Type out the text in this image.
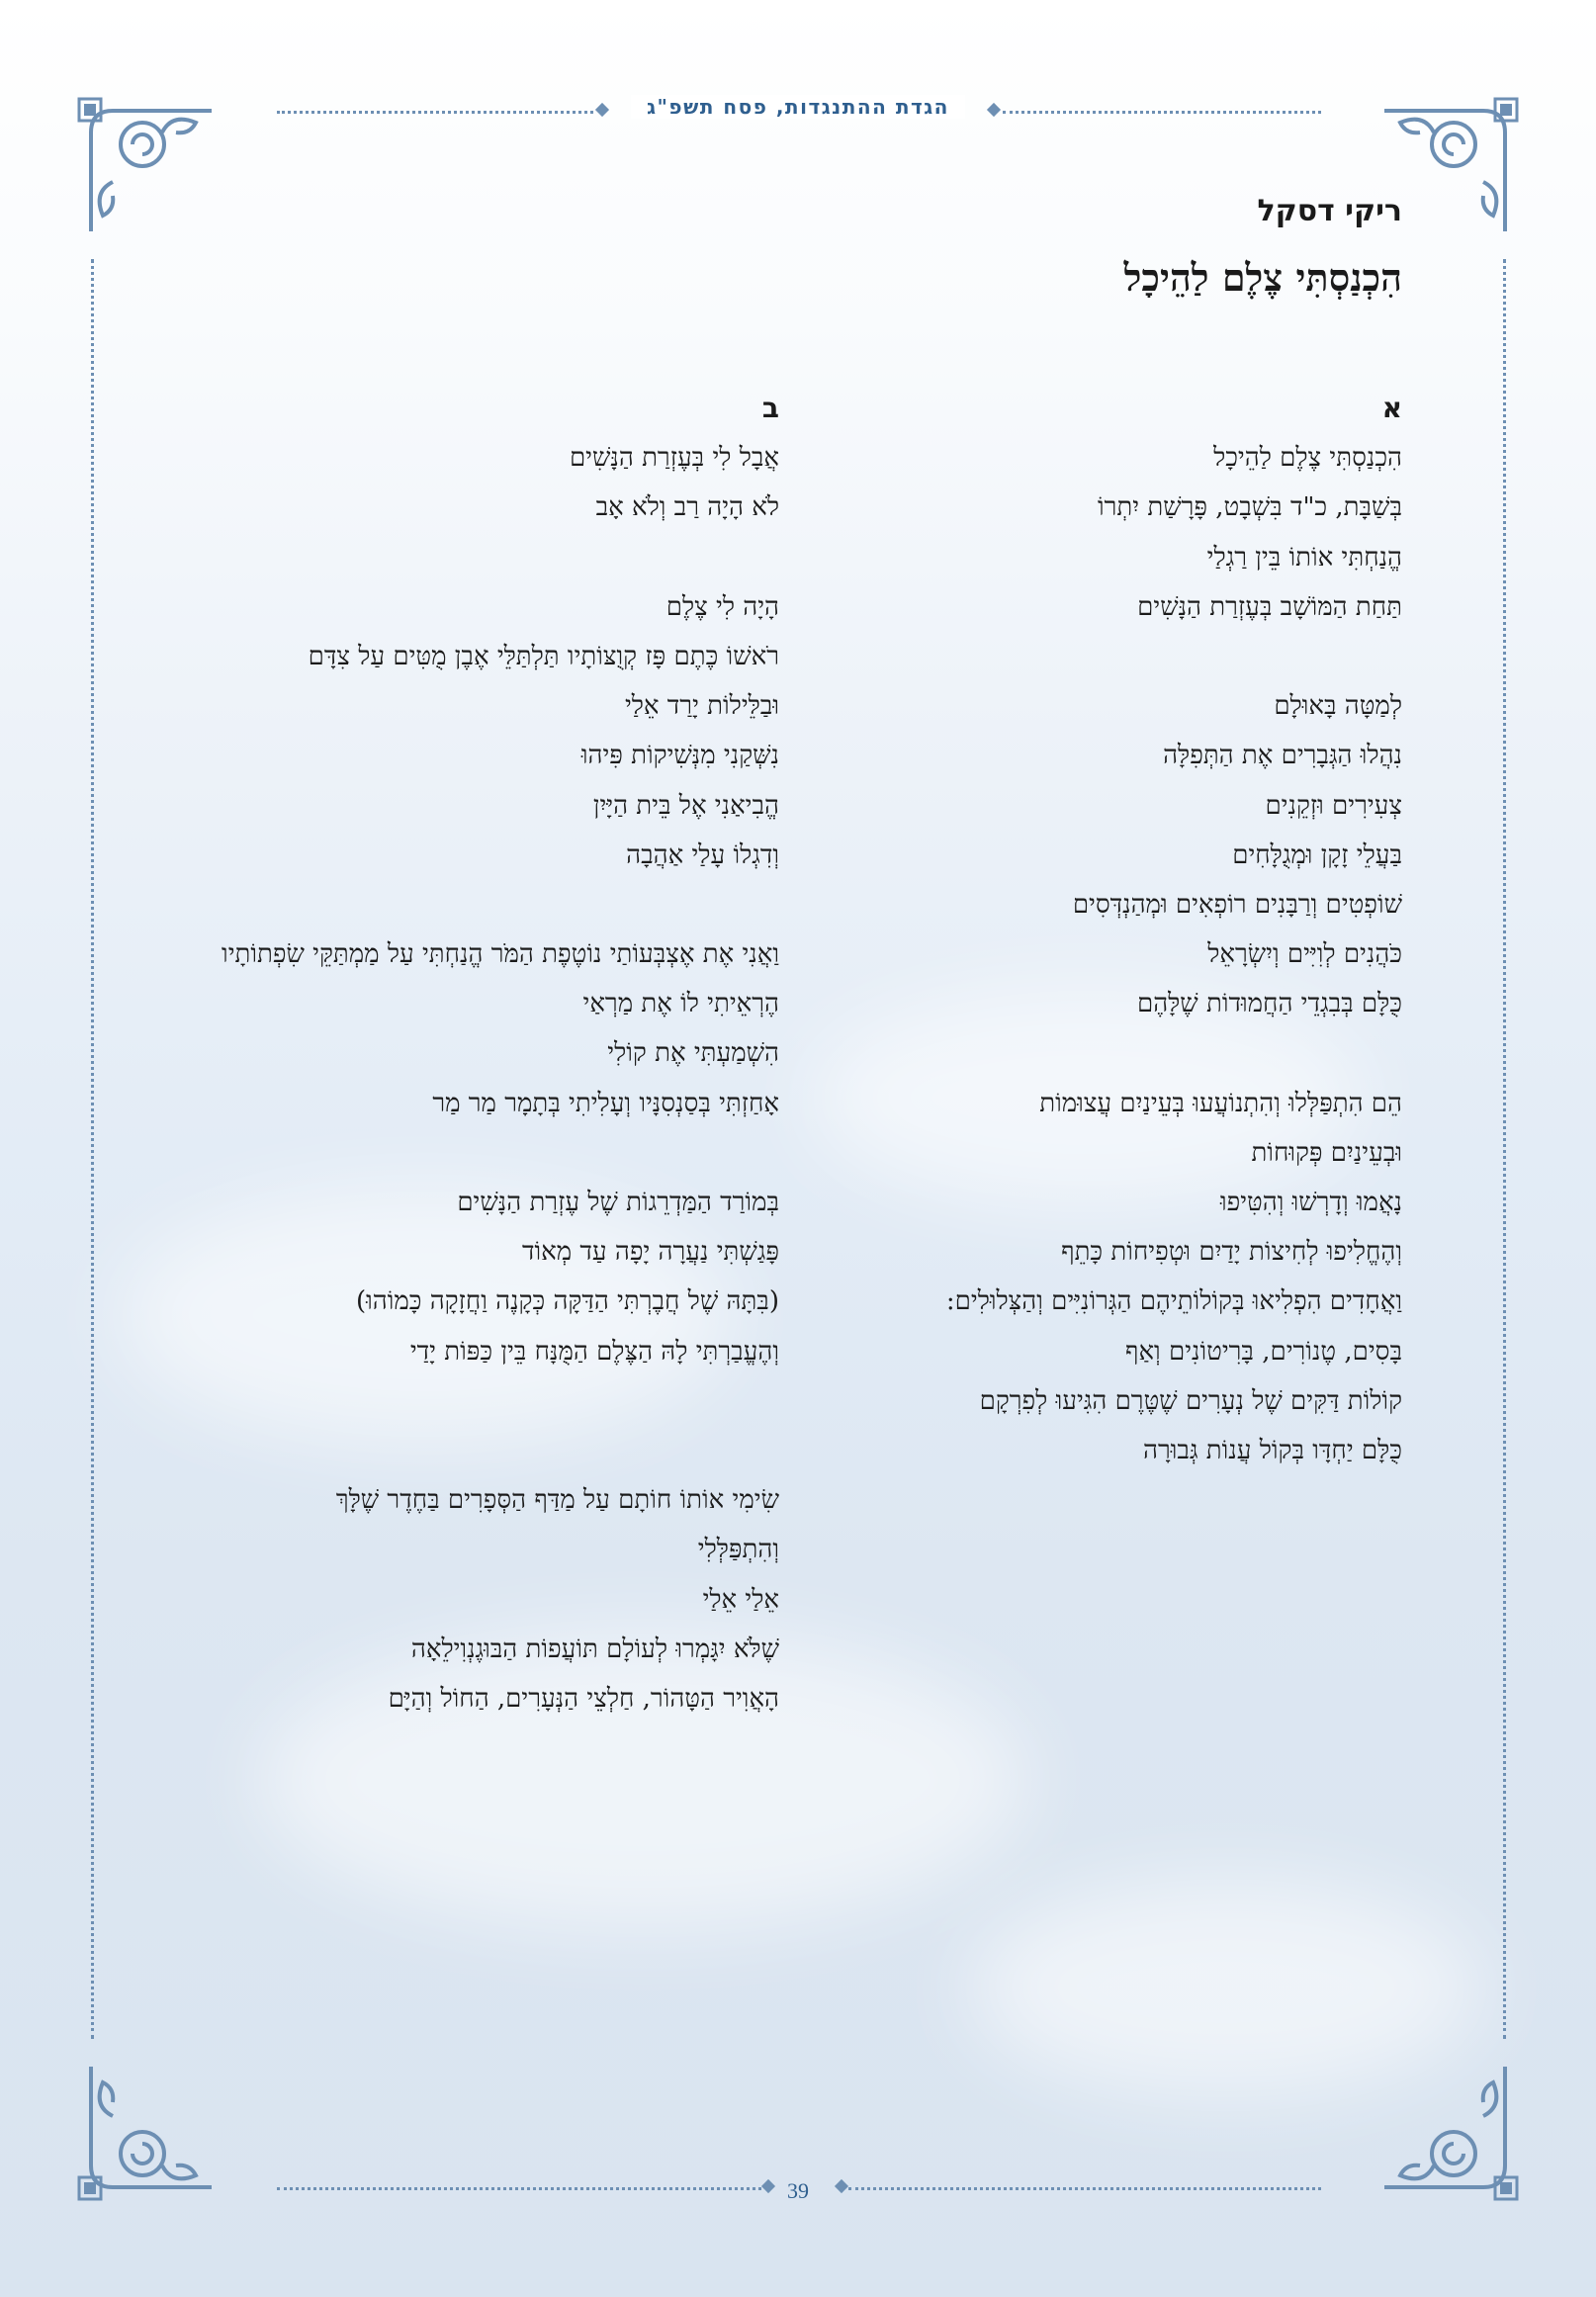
הגדת ההתנגדות, פסח תשפ"ג
ריקי דסקל
הִכְנַסְתִּי צֶלֶם לַהֵיכָל
א
הִכְנַסְתִּי צֶלֶם לַהֵיכָל
בְּשַׁבָּת, כ"ד בִּשְׁבָט, פָּרָשַׁת יִתְרוֹ
הֱנַחְתִּי אוֹתוֹ בֵּין רַגְלַי
תַּחַת הַמּוֹשָׁב בְּעֶזְרַת הַנָּשִׁים
לְמַטָּה בָּאוּלָם
נִהֲלוּ הַגְּבָרִים אֶת הַתְּפִלָּה
צְעִירִים וּזְקֵנִים
בַּעֲלֵי זָקָן וּמְגֻלָּחִים
שׁוֹפְטִים וְרַבָּנִים רוֹפְאִים וּמְהַנְדְּסִים
כֹּהֲנִים לְוִיִּים וְיִשְׂרָאֵל
כֻּלָּם בְּבִגְדֵי הַחֲמוּדוֹת שֶׁלָּהֶם
הֵם הִתְפַּלְּלוּ וְהִתְנוֹעֲעוּ בְּעֵינַיִם עֲצוּמוֹת
וּבְעֵינַיִם פְּקוּחוֹת
נָאֲמוּ וְדָרְשׁוּ וְהִטִּיפוּ
וְהֶחֱלִיפוּ לְחִיצוֹת יָדַיִם וּטְפִיחוֹת כָּתֵף
וַאֲחָדִים הִפְלִיאוּ בְּקוֹלוֹתֵיהֶם הַגְּרוֹנִיִּים וְהַצְּלוּלִים:
בָּסִים, טֶנוֹרִים, בָּרִיטוֹנִים וְאַף
קוֹלוֹת דַּקִּים שֶׁל נְעָרִים שֶׁטֶּרֶם הִגִּיעוּ לְפִרְקָם
כֻּלָּם יַחְדָּו בְּקוֹל עֲנוֹת גְּבוּרָה
ב
אֲבָל לִי בְּעֶזְרַת הַנָּשִׁים
לֹא הָיָה רַב וְלֹא אָב
הָיָה לִי צֶלֶם
רֹאשׁוֹ כֶּתֶם פָּז קְוֻצּוֹתָיו תַּלְתַּלֵּי אֶבֶן מֻטִּים עַל צִדָּם
וּבַלֵּילוֹת יָרַד אֵלַי
נִשְּׁקַנִי מִנְּשִׁיקוֹת פִּיהוּ
הֱבִיאַנִי אֶל בֵּית הַיָּיִן
וְדִגְלוֹ עָלַי אַהֲבָה
וַאֲנִי אֶת אֶצְבְּעוֹתַי נוֹטֶפֶת הַמֹּר הֱנַחְתִּי עַל מַמְתַּקֵּי שִׂפְתוֹתָיו
הֶרְאֵיתִי לוֹ אֶת מַרְאַי
הִשְׁמַעְתִּי אֶת קוֹלִי
אָחַזְתִּי בְּסַנְסִנָּיו וְעָלִיתִי בְּתָמָר מַר מַר
בְּמוֹרַד הַמַּדְרֵגוֹת שֶׁל עֶזְרַת הַנָּשִׁים
פָּגַשְׁתִּי נַעֲרָה יָפָה עַד מְאוֹד
(בִּתָּהּ שֶׁל חֲבֶרְתִּי הַדַּקָּה כְּקָנֶה וַחֲזָקָה כָּמוֹהוּ)
וְהֶעֱבַרְתִּי לָהּ הַצֶּלֶם הַמֻּנָּח בֵּין כַּפּוֹת יָדַי
שִׂימִי אוֹתוֹ חוֹתָם עַל מַדַּף הַסְּפָרִים בַּחֶדֶר שֶׁלָּךְ
וְהִתְפַּלְּלִי
אֵלַי אֵלַי
שֶׁלֹּא יִגָּמְרוּ לְעוֹלָם תּוֹעֲפוֹת הַבּוּגֶנְוִילֵאָה
הָאֲוִיר הַטָּהוֹר, חַלְצֵי הַנְּעָרִים, הַחוֹל וְהַיָּם
39
